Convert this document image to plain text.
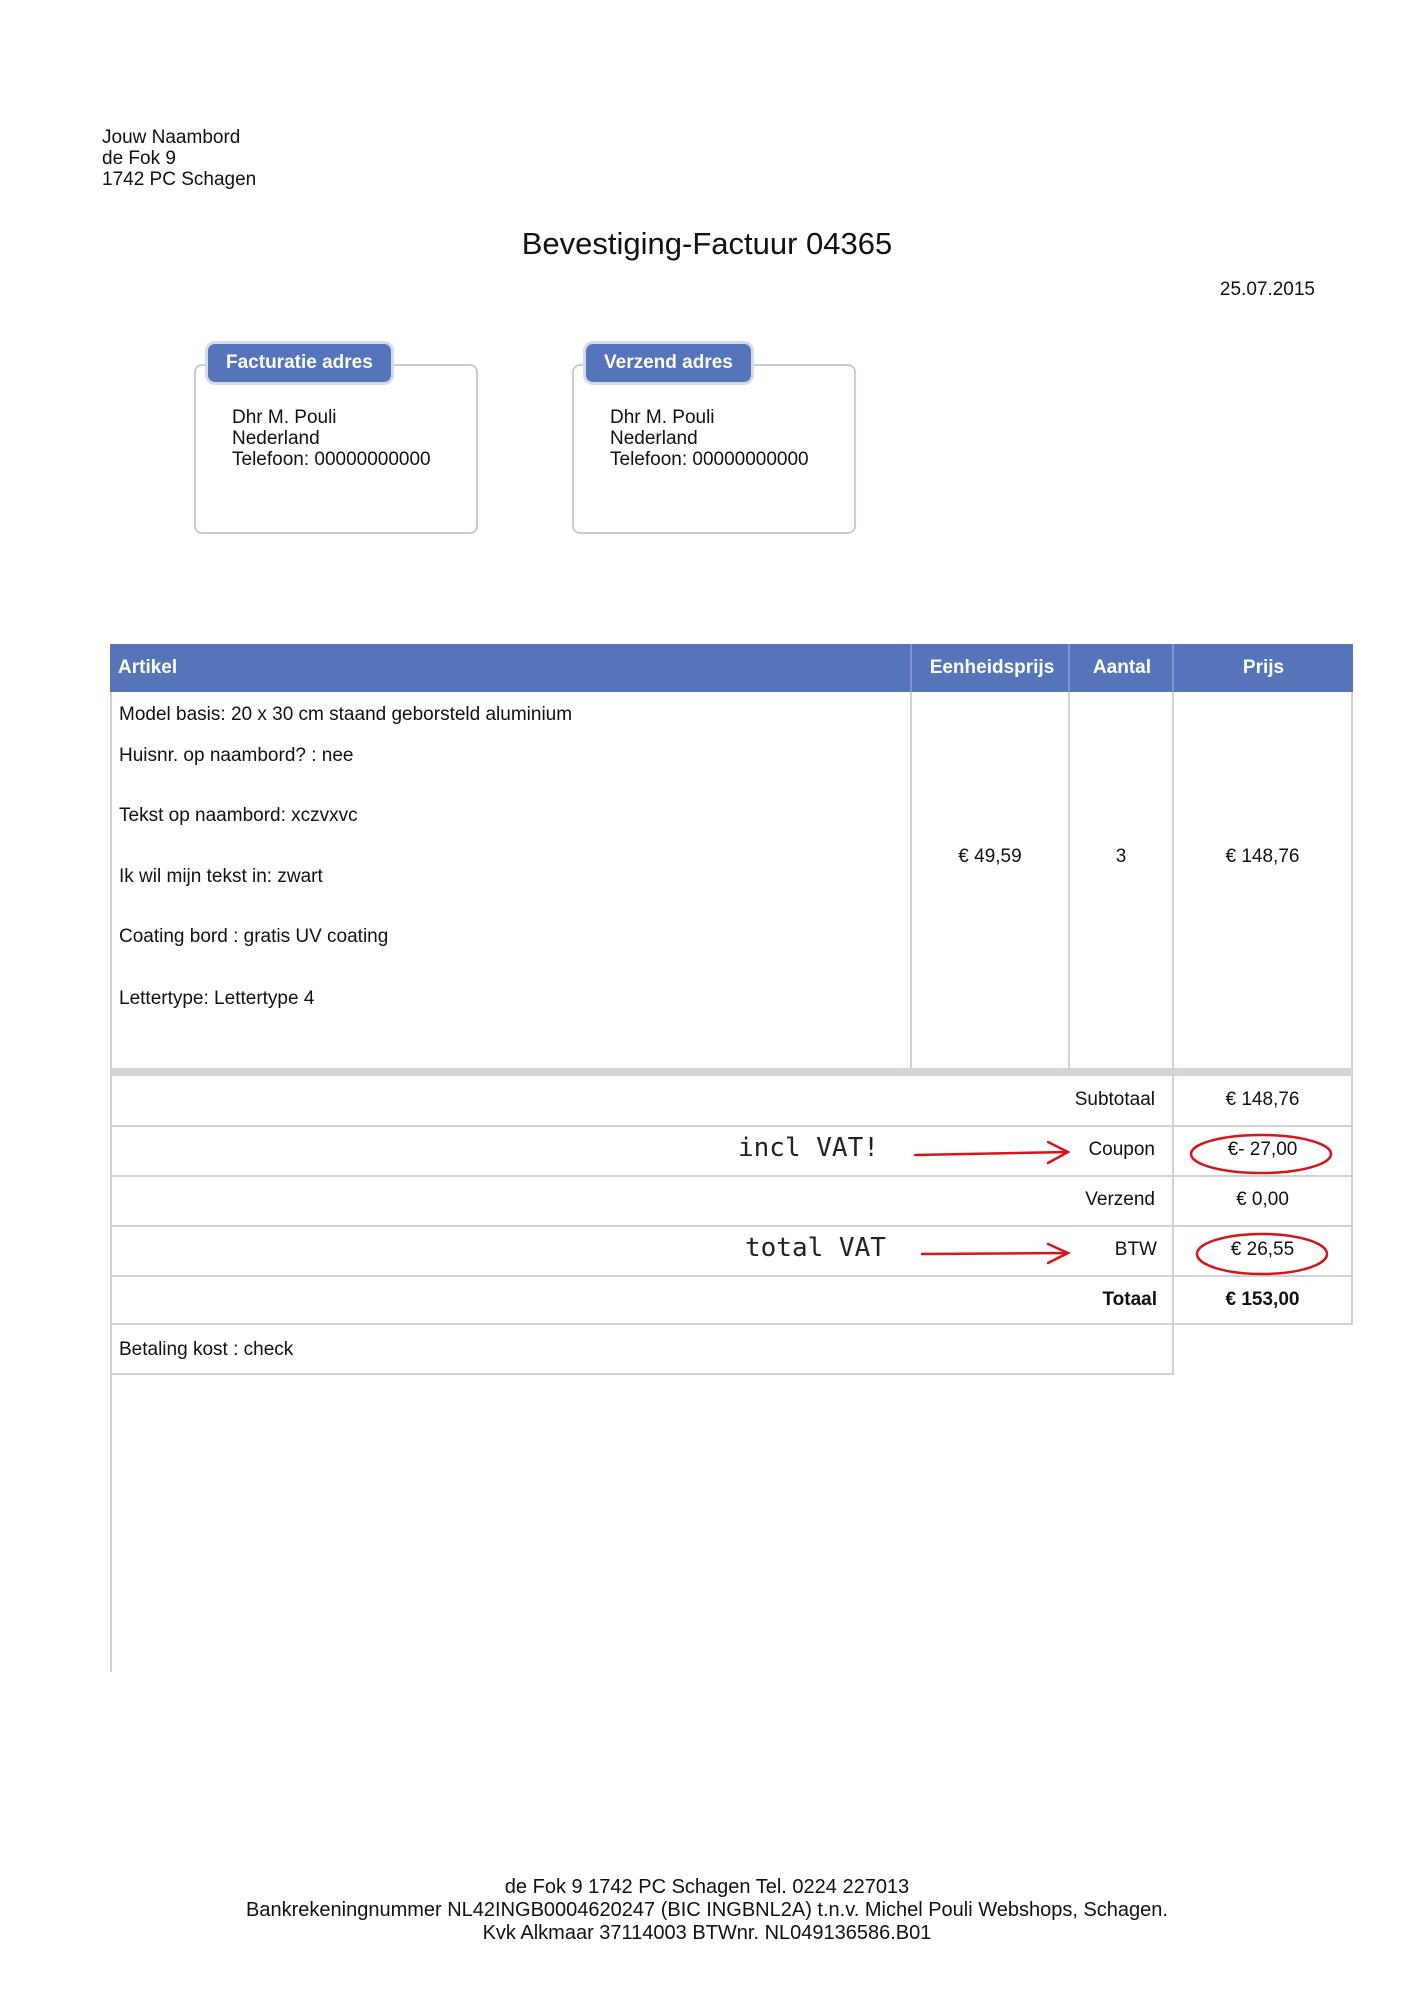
Jouw Naambord
de Fok 9
1742 PC Schagen
Bevestiging-Factuur 04365
25.07.2015
Facturatie adres
Dhr M. Pouli
Nederland
Telefoon: 00000000000
Verzend adres
Dhr M. Pouli
Nederland
Telefoon: 00000000000
Artikel	Eenheidsprijs	Aantal	Prijs
Model basis: 20 x 30 cm staand geborsteld aluminium
Huisnr. op naambord? : nee
Tekst op naambord: xczvxvc
Ik wil mijn tekst in: zwart
Coating bord : gratis UV coating
Lettertype: Lettertype 4
€ 49,59	3	€ 148,76
Subtotaal	€ 148,76
incl VAT!	Coupon	€- 27,00
Verzend	€ 0,00
total VAT	BTW	€ 26,55
Totaal	€ 153,00
Betaling kost : check
de Fok 9 1742 PC Schagen Tel. 0224 227013
Bankrekeningnummer NL42INGB0004620247 (BIC INGBNL2A) t.n.v. Michel Pouli Webshops, Schagen.
Kvk Alkmaar 37114003 BTWnr. NL049136586.B01
